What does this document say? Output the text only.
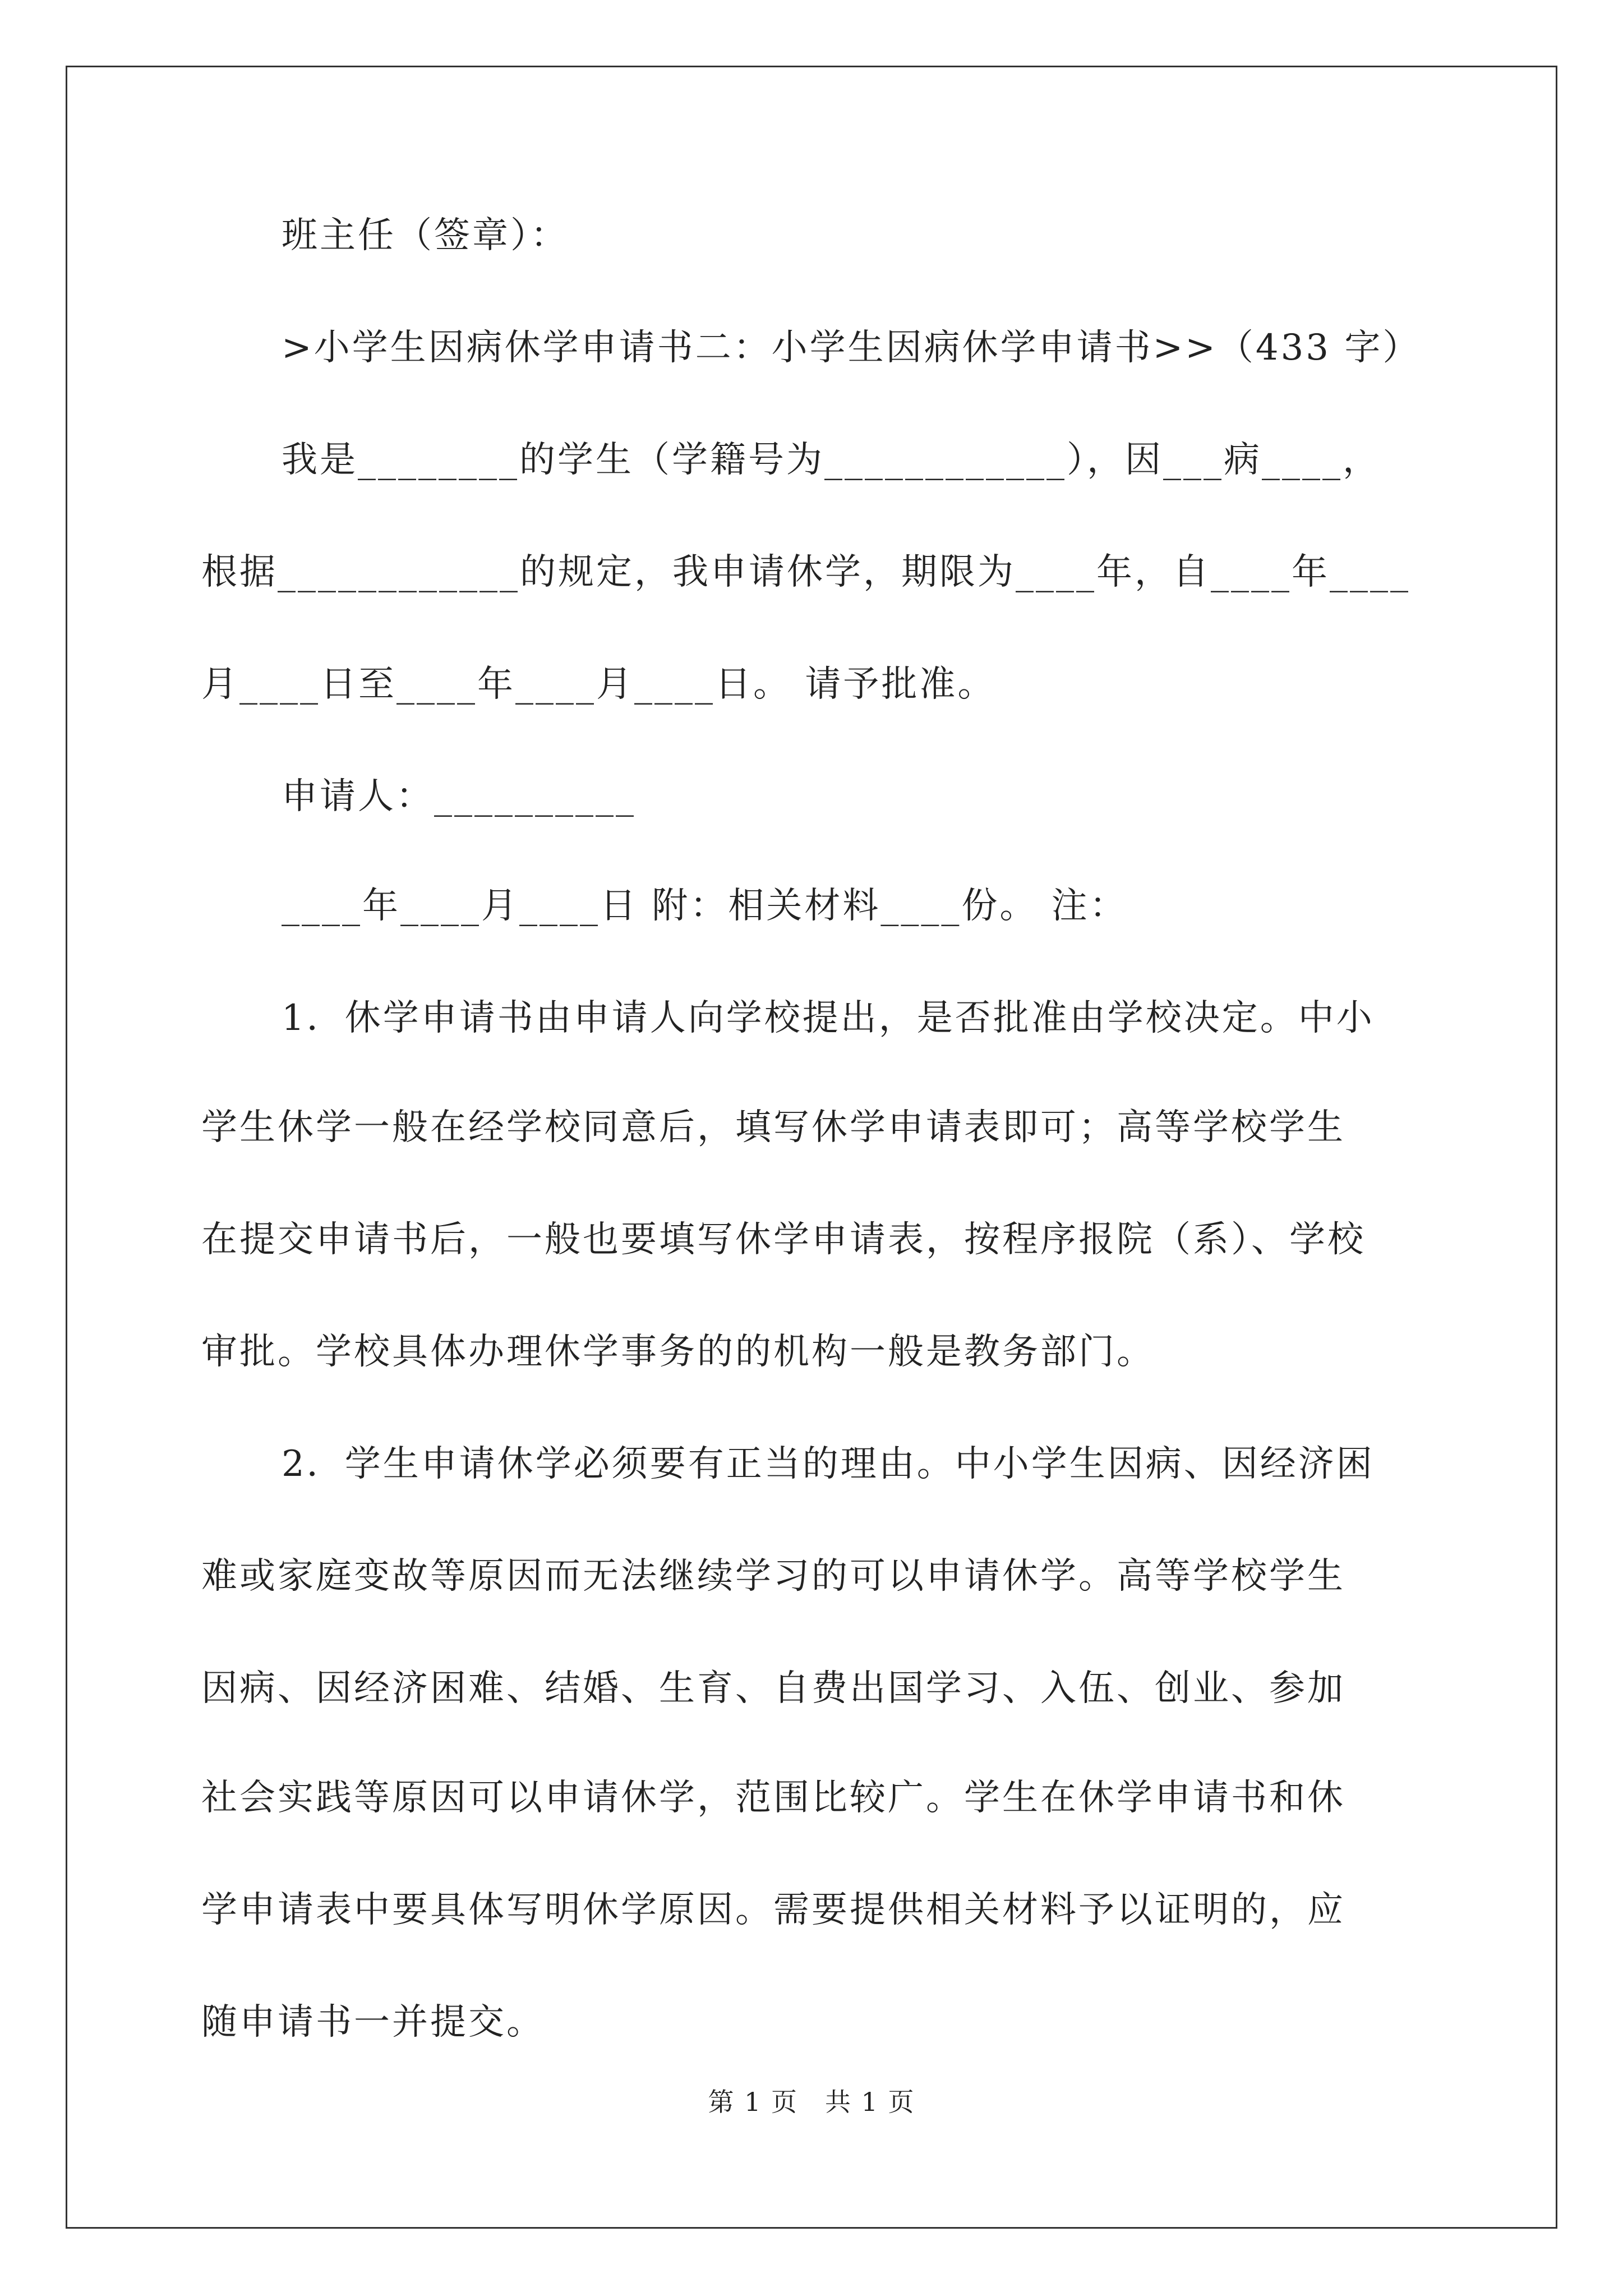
班主任（签章）：
>小学生因病休学申请书二：小学生因病休学申请书>>（433 字）
我是________的学生（学籍号为____________），因___病____，
根据____________的规定，我申请休学，期限为____年，自____年____
月____日至____年____月____日。 请予批准。
申请人：__________
____年____月____日 附：相关材料____份。 注：
1．休学申请书由申请人向学校提出，是否批准由学校决定。中小
学生休学一般在经学校同意后，填写休学申请表即可；高等学校学生
在提交申请书后，一般也要填写休学申请表，按程序报院（系）、学校
审批。学校具体办理休学事务的的机构一般是教务部门。
2．学生申请休学必须要有正当的理由。中小学生因病、因经济困
难或家庭变故等原因而无法继续学习的可以申请休学。高等学校学生
因病、因经济困难、结婚、生育、自费出国学习、入伍、创业、参加
社会实践等原因可以申请休学，范围比较广。学生在休学申请书和休
学申请表中要具体写明休学原因。需要提供相关材料予以证明的，应
随申请书一并提交。
第 1 页　共 1 页
